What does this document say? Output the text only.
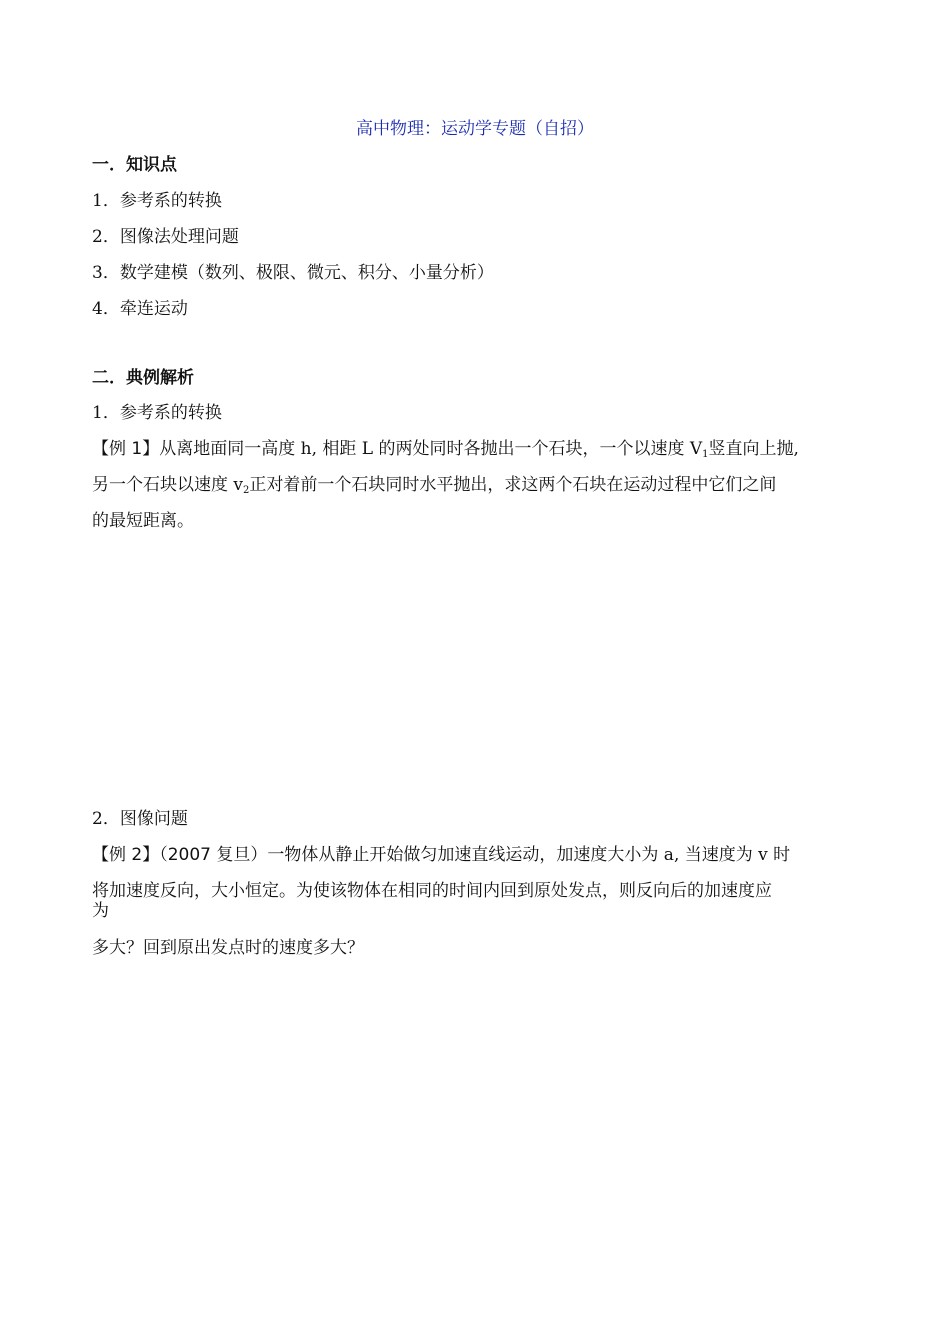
高中物理：运动学专题（自招）
一．知识点
1．参考系的转换
2．图像法处理问题
3．数学建模（数列、极限、微元、积分、小量分析）
4．牵连运动
二．典例解析
1．参考系的转换
【例 1】从离地面同一高度 h, 相距 L 的两处同时各抛出一个石块，一个以速度 $V_1$竖直向上抛,
另一个石块以速度 $v_2$正对着前一个石块同时水平抛出，求这两个石块在运动过程中它们之间
的最短距离。
2．图像问题
【例 2】（2007 复旦）一物体从静止开始做匀加速直线运动，加速度大小为 a, 当速度为 v 时
将加速度反向，大小恒定。为使该物体在相同的时间内回到原处发点，则反向后的加速度应
为
多大？回到原出发点时的速度多大？
